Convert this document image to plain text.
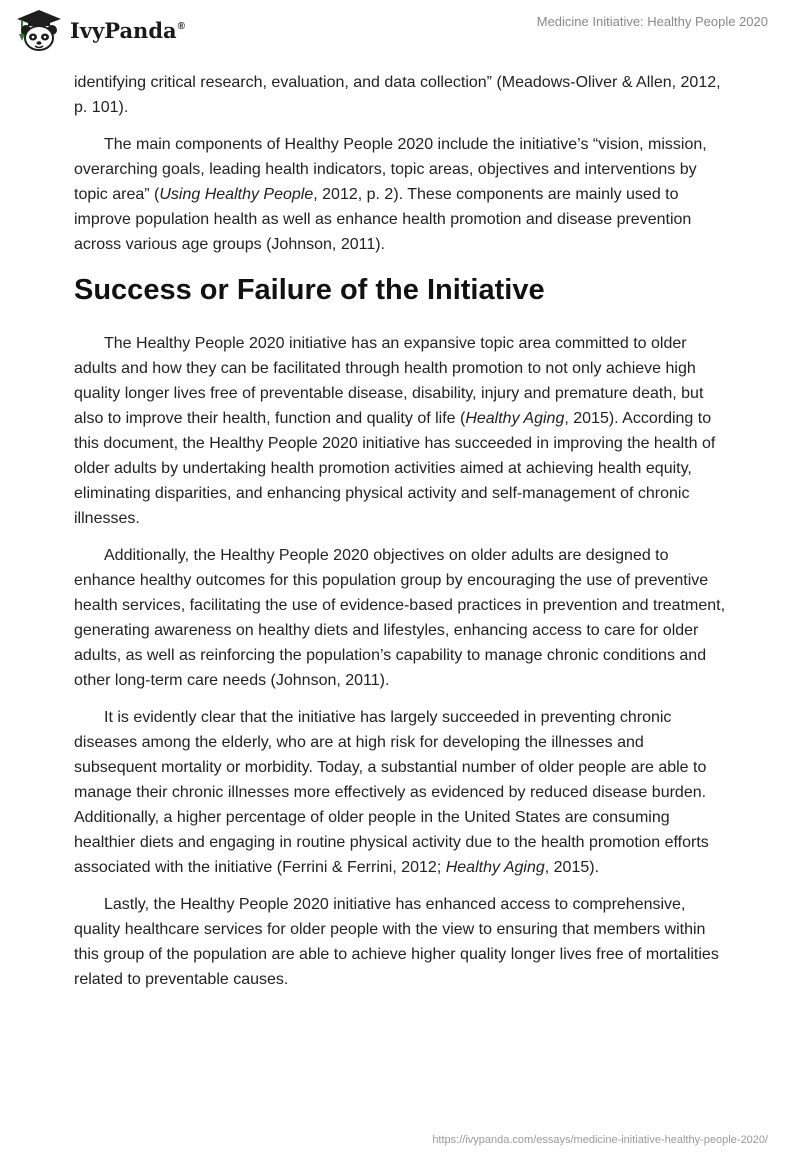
IvyPanda®	Medicine Initiative: Healthy People 2020

identifying critical research, evaluation, and data collection” (Meadows-Oliver & Allen, 2012, p. 101).

The main components of Healthy People 2020 include the initiative’s “vision, mission, overarching goals, leading health indicators, topic areas, objectives and interventions by topic area” (Using Healthy People, 2012, p. 2). These components are mainly used to improve population health as well as enhance health promotion and disease prevention across various age groups (Johnson, 2011).

Success or Failure of the Initiative

The Healthy People 2020 initiative has an expansive topic area committed to older adults and how they can be facilitated through health promotion to not only achieve high quality longer lives free of preventable disease, disability, injury and premature death, but also to improve their health, function and quality of life (Healthy Aging, 2015). According to this document, the Healthy People 2020 initiative has succeeded in improving the health of older adults by undertaking health promotion activities aimed at achieving health equity, eliminating disparities, and enhancing physical activity and self-management of chronic illnesses.

Additionally, the Healthy People 2020 objectives on older adults are designed to enhance healthy outcomes for this population group by encouraging the use of preventive health services, facilitating the use of evidence-based practices in prevention and treatment, generating awareness on healthy diets and lifestyles, enhancing access to care for older adults, as well as reinforcing the population’s capability to manage chronic conditions and other long-term care needs (Johnson, 2011).

It is evidently clear that the initiative has largely succeeded in preventing chronic diseases among the elderly, who are at high risk for developing the illnesses and subsequent mortality or morbidity. Today, a substantial number of older people are able to manage their chronic illnesses more effectively as evidenced by reduced disease burden. Additionally, a higher percentage of older people in the United States are consuming healthier diets and engaging in routine physical activity due to the health promotion efforts associated with the initiative (Ferrini & Ferrini, 2012; Healthy Aging, 2015).

Lastly, the Healthy People 2020 initiative has enhanced access to comprehensive, quality healthcare services for older people with the view to ensuring that members within this group of the population are able to achieve higher quality longer lives free of mortalities related to preventable causes.

https://ivypanda.com/essays/medicine-initiative-healthy-people-2020/
